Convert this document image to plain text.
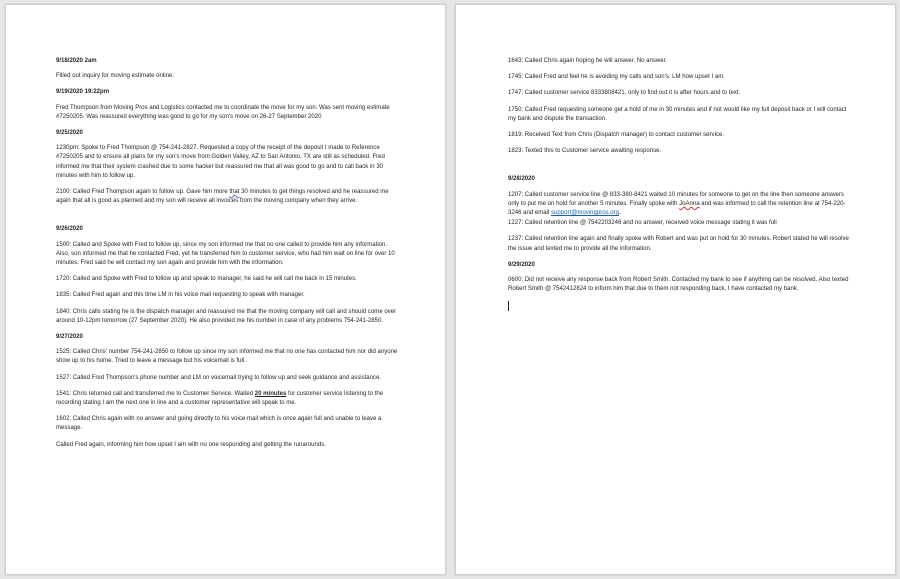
9/18/2020 2am

Filled out inquiry for moving estimate online.

9/19/2020 19:22pm

Fred Thompson from Moving Pros and Logistics contacted me to coordinate the move for my son. Was sent moving estimate #7250205. Was reassured everything was good to go for my son's move on 26-27 September 2020

9/25/2020

1230pm: Spoke to Fred Thompson @ 754-241-2827. Requested a copy of the receipt of the deposit I made to Reference #7250205 and to ensure all plans for my son's move from Golden Valley, AZ to San Antonio, TX are still as scheduled. Fred informed me that their system crashed due to some hacker but reassured me that all was good to go and to call back in 30 minutes with him to follow up.

2100: Called Fred Thompson again to follow up. Gave him more that 30 minutes to get things resolved and he reassured me again that all is good as planned and my son will receive all invoices from the moving company when they arrive.

9/26/2020

1500: Called and Spoke with Fred to follow up, since my son informed me that no one called to provide him any information. Also, son informed me that he contacted Fred, yet he transferred him to customer service, who had him wait on line for over 10 minutes. Fred said he will contact my son again and provide him with the information.

1720: Called and Spoke with Fred to follow up and speak to manager, he said he will call me back in 15 minutes.

1835: Called Fred again and this time LM in his voice mail requesting to speak with manager.

1840: Chris calls stating he is the dispatch manager and reassured me that the moving company will call and should come over around 10-12pm tomorrow (27 September 2020). He also provided me his number in case of any problems 754-241-2850.

9/27/2020

1525: Called Chris' number 754-241-2850 to follow up since my son informed me that no one has contacted him nor did anyone show up to his home. Tried to leave a message but his voicemail is full.

1527: Called Fred Thompson's phone number and LM on voicemail trying to follow up and seek guidance and assistance.

1541: Chris returned call and transferred me to Customer Service. Waited 20 minutes for customer service listening to the recording stating I am the next one in line and a customer representative will speak to me.

1602: Called Chris again with no answer and going directly to his voice mail which is once again full and unable to leave a message.

Called Fred again, informing him how upset I am with no one responding and getting the runarounds.

1643: Called Chris again hoping he will answer. No answer.

1745: Called Fred and feel he is avoiding my calls and son's. LM how upset I am.

1747: Called customer service 8333808421, only to find out it is after hours and to text.

1750: Called Fred requesting someone get a hold of me in 30 minutes and if not would like my full deposit back or I will contact my bank and dispute the transaction.

1819: Received Text from Chris (Dispatch manager) to contact customer service.

1823: Texted this to Customer service awaiting response.

9/28/2020

1207: Called customer service line @ 833-380-8421 waited 10 minutes for someone to get on the line then someone answers only to put me on hold for another 5 minutes. Finally spoke with JoAnna and was informed to call the retention line at 754-220-3246 and email support@movingpros.org.

1227: Called retention line @ 7542203246 and no answer, received voice message stating it was full

1237: Called retention line again and finally spoke with Robert and was put on hold for 30 minutes. Robert stated he will resolve the issue and texted me to provide all the information.

9/29/2020

0600: Did not receive any response back from Robert Smith. Contacted my bank to see if anything can be resolved. Also texted Robert Smith @ 7542412824 to inform him that due to them not responding back, I have contacted my bank.
